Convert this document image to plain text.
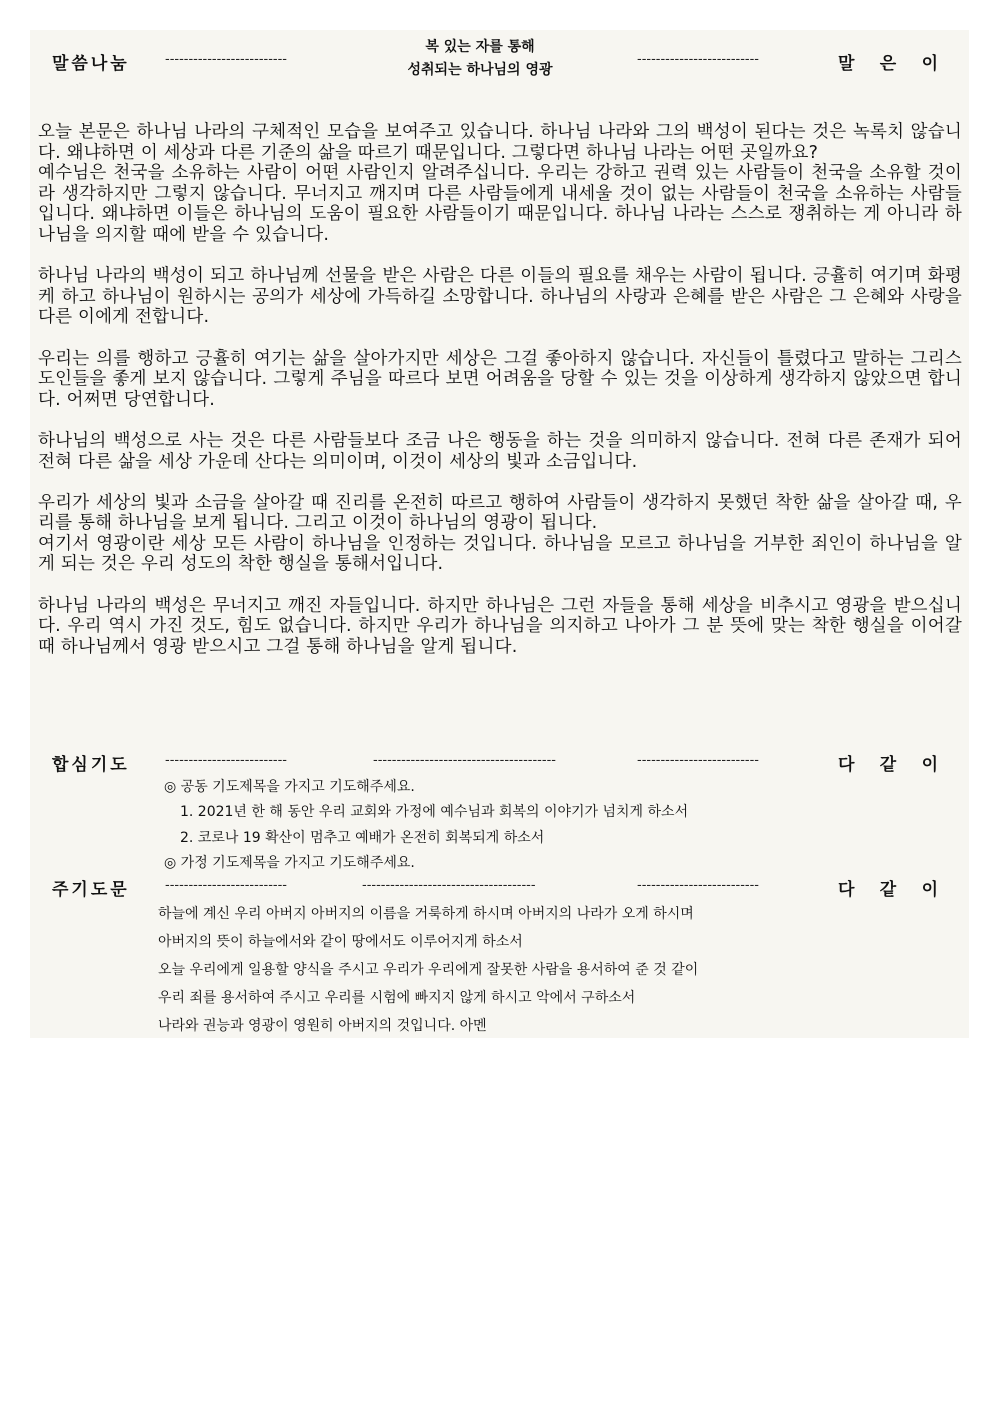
말씀나눔	--------------------------
복 있는 자를 통해
성취되는 하나님의 영광
--------------------------	말 은 이

오늘 본문은 하나님 나라의 구체적인 모습을 보여주고 있습니다. 하나님 나라와 그의 백성이 된다는 것은 녹록치 않습니다. 왜냐하면 이 세상과 다른 기준의 삶을 따르기 때문입니다. 그렇다면 하나님 나라는 어떤 곳일까요?
예수님은 천국을 소유하는 사람이 어떤 사람인지 알려주십니다. 우리는 강하고 권력 있는 사람들이 천국을 소유할 것이라 생각하지만 그렇지 않습니다. 무너지고 깨지며 다른 사람들에게 내세울 것이 없는 사람들이 천국을 소유하는 사람들입니다. 왜냐하면 이들은 하나님의 도움이 필요한 사람들이기 때문입니다. 하나님 나라는 스스로 쟁취하는 게 아니라 하나님을 의지할 때에 받을 수 있습니다.

하나님 나라의 백성이 되고 하나님께 선물을 받은 사람은 다른 이들의 필요를 채우는 사람이 됩니다. 긍휼히 여기며 화평케 하고 하나님이 원하시는 공의가 세상에 가득하길 소망합니다. 하나님의 사랑과 은혜를 받은 사람은 그 은혜와 사랑을 다른 이에게 전합니다.

우리는 의를 행하고 긍휼히 여기는 삶을 살아가지만 세상은 그걸 좋아하지 않습니다. 자신들이 틀렸다고 말하는 그리스도인들을 좋게 보지 않습니다. 그렇게 주님을 따르다 보면 어려움을 당할 수 있는 것을 이상하게 생각하지 않았으면 합니다. 어쩌면 당연합니다.

하나님의 백성으로 사는 것은 다른 사람들보다 조금 나은 행동을 하는 것을 의미하지 않습니다. 전혀 다른 존재가 되어 전혀 다른 삶을 세상 가운데 산다는 의미이며, 이것이 세상의 빛과 소금입니다.

우리가 세상의 빛과 소금을 살아갈 때 진리를 온전히 따르고 행하여 사람들이 생각하지 못했던 착한 삶을 살아갈 때, 우리를 통해 하나님을 보게 됩니다. 그리고 이것이 하나님의 영광이 됩니다.
여기서 영광이란 세상 모든 사람이 하나님을 인정하는 것입니다. 하나님을 모르고 하나님을 거부한 죄인이 하나님을 알게 되는 것은 우리 성도의 착한 행실을 통해서입니다.

하나님 나라의 백성은 무너지고 깨진 자들입니다. 하지만 하나님은 그런 자들을 통해 세상을 비추시고 영광을 받으십니다. 우리 역시 가진 것도, 힘도 없습니다. 하지만 우리가 하나님을 의지하고 나아가 그 분 뜻에 맞는 착한 행실을 이어갈 때 하나님께서 영광 받으시고 그걸 통해 하나님을 알게 됩니다.

합심기도	--------------------------	---------------------------------------	--------------------------	다 같 이
◎ 공동 기도제목을 가지고 기도해주세요.
1. 2021년 한 해 동안 우리 교회와 가정에 예수님과 회복의 이야기가 넘치게 하소서
2. 코로나 19 확산이 멈추고 예배가 온전히 회복되게 하소서
◎ 가정 기도제목을 가지고 기도해주세요.
주기도문	--------------------------	-------------------------------------	--------------------------	다 같 이
하늘에 계신 우리 아버지 아버지의 이름을 거룩하게 하시며 아버지의 나라가 오게 하시며
아버지의 뜻이 하늘에서와 같이 땅에서도 이루어지게 하소서
오늘 우리에게 일용할 양식을 주시고 우리가 우리에게 잘못한 사람을 용서하여 준 것 같이
우리 죄를 용서하여 주시고 우리를 시험에 빠지지 않게 하시고 악에서 구하소서
나라와 권능과 영광이 영원히 아버지의 것입니다. 아멘
